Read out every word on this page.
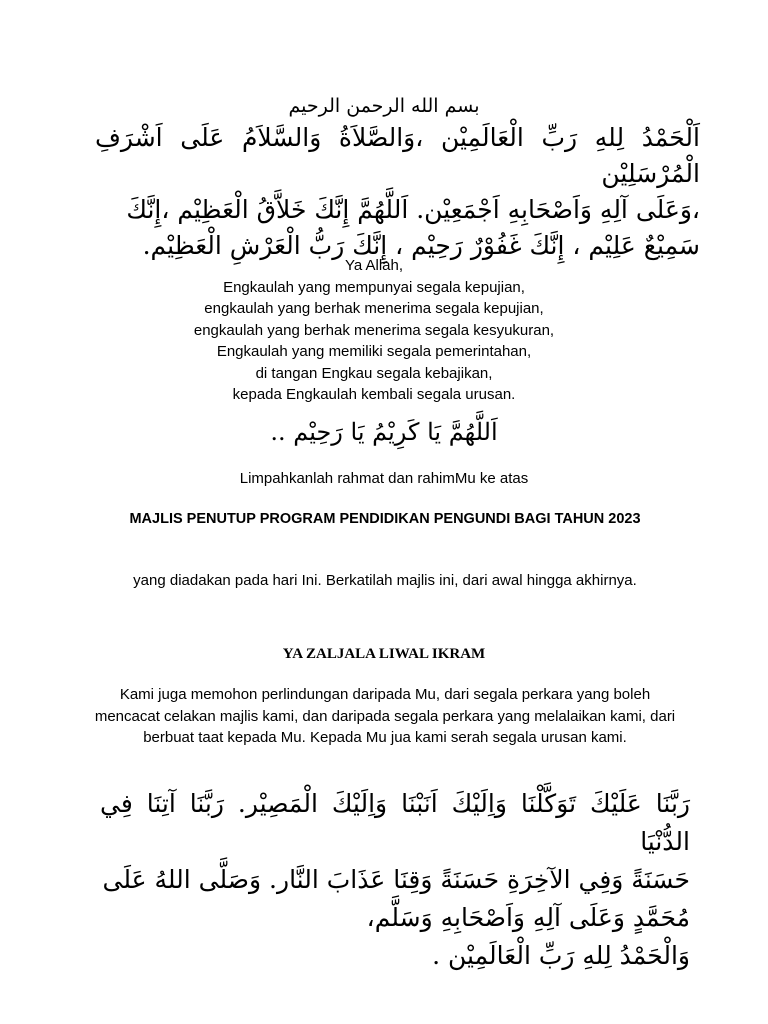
بسم الله الرحمن الرحيم
اَلْحَمْدُ لِلهِ رَبِّ الْعَالَمِيْن ،وَالصَّلاَةُ وَالسَّلاَمُ عَلَى اَشْرَفِ الْمُرْسَلِيْن
،وَعَلَى آلِهِ وَاَصْحَابِهِ اَجْمَعِيْن. اَللَّهُمَّ إِنَّكَ خَلاَّقُ الْعَظِيْم ،إِنَّكَ
سَمِيْعٌ عَلِيْم ، إِنَّكَ غَفُوْرٌ رَحِيْم ، إِنَّكَ رَبُّ الْعَرْشِ الْعَظِيْم.
Ya Allah,
Engkaulah yang mempunyai segala kepujian,
engkaulah yang berhak menerima segala kepujian,
engkaulah yang berhak menerima segala kesyukuran,
Engkaulah yang memiliki segala pemerintahan,
di tangan Engkau segala kebajikan,
kepada Engkaulah kembali segala urusan.
اَللَّهُمَّ يَا كَرِيْمُ يَا رَحِيْم ..
Limpahkanlah rahmat dan rahimMu ke atas
MAJLIS PENUTUP PROGRAM PENDIDIKAN PENGUNDI BAGI TAHUN 2023
yang diadakan pada hari Ini. Berkatilah majlis ini, dari awal hingga akhirnya.
YA ZALJALA LIWAL IKRAM
Kami juga memohon perlindungan daripada Mu, dari segala perkara yang boleh mencacat celakan majlis kami, dan daripada segala perkara yang melalaikan kami, dari berbuat taat kepada Mu. Kepada Mu jua kami serah segala urusan kami.
رَبَّنَا عَلَيْكَ تَوَكَّلْنَا وَاِلَيْكَ اَنَبْنَا وَاِلَيْكَ الْمَصِيْر. رَبَّنَا آتِنَا فِي الدُّنْيَا
حَسَنَةً وَفِي الآخِرَةِ حَسَنَةً وَقِنَا عَذَابَ النَّار. وَصَلَّى اللهُ عَلَى
مُحَمَّدٍ وَعَلَى آلِهِ وَاَصْحَابِهِ وَسَلَّم،
وَالْحَمْدُ لِلهِ رَبِّ الْعَالَمِيْن .
